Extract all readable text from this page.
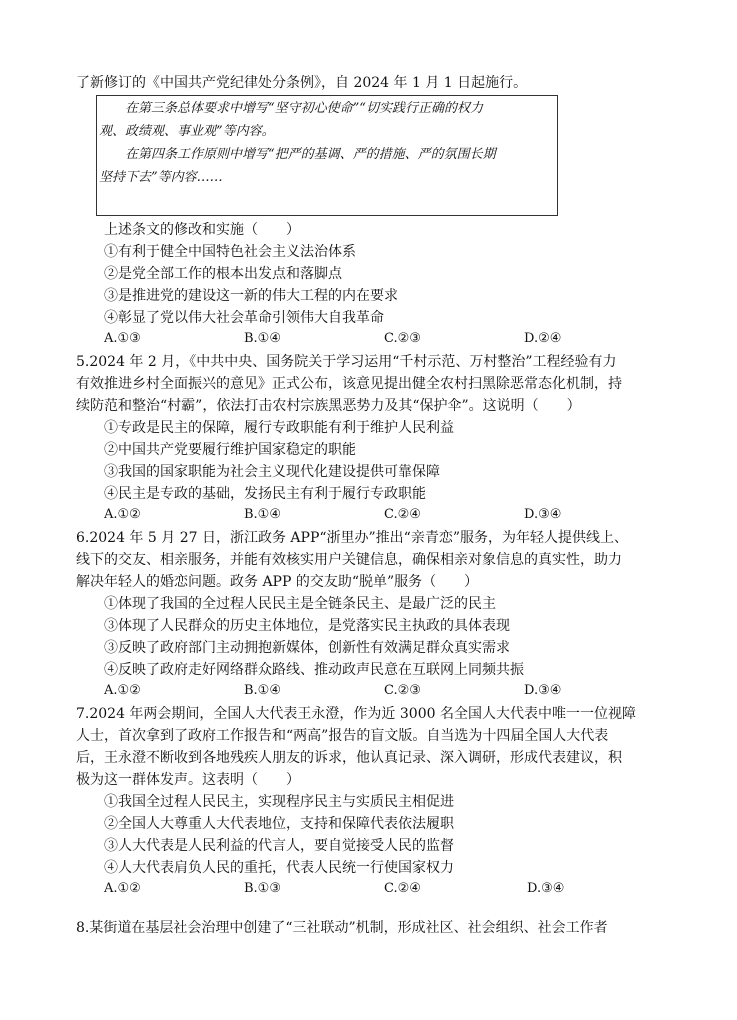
了新修订的《中国共产党纪律处分条例》，自 2024 年 1 月 1 日起施行。
在第三条总体要求中增写“坚守初心使命”“切实践行正确的权力
观、政绩观、事业观”等内容。
在第四条工作原则中增写“把严的基调、严的措施、严的氛围长期
坚持下去”等内容……
上述条文的修改和实施（　　）
①有利于健全中国特色社会主义法治体系
②是党全部工作的根本出发点和落脚点
③是推进党的建设这一新的伟大工程的内在要求
④彰显了党以伟大社会革命引领伟大自我革命
A.①③	B.①④	C.②③	D.②④
5.2024 年 2 月，《中共中央、国务院关于学习运用“千村示范、万村整治”工程经验有力
有效推进乡村全面振兴的意见》正式公布，该意见提出健全农村扫黑除恶常态化机制，持
续防范和整治“村霸”，依法打击农村宗族黑恶势力及其“保护伞”。这说明（　　）
①专政是民主的保障，履行专政职能有利于维护人民利益
②中国共产党要履行维护国家稳定的职能
③我国的国家职能为社会主义现代化建设提供可靠保障
④民主是专政的基础，发扬民主有利于履行专政职能
A.①②	B.①④	C.②④	D.③④
6.2024 年 5 月 27 日，浙江政务 APP“浙里办”推出“亲青恋”服务，为年轻人提供线上、
线下的交友、相亲服务，并能有效核实用户关键信息，确保相亲对象信息的真实性，助力
解决年轻人的婚恋问题。政务 APP 的交友助“脱单”服务（　　）
①体现了我国的全过程人民民主是全链条民主、是最广泛的民主
③体现了人民群众的历史主体地位，是党落实民主执政的具体表现
③反映了政府部门主动拥抱新媒体，创新性有效满足群众真实需求
④反映了政府走好网络群众路线、推动政声民意在互联网上同频共振
A.①②	B.①④	C.②③	D.③④
7.2024 年两会期间，全国人大代表王永澄，作为近 3000 名全国人大代表中唯一一位视障
人士，首次拿到了政府工作报告和“两高”报告的盲文版。自当选为十四届全国人大代表
后，王永澄不断收到各地残疾人朋友的诉求，他认真记录、深入调研，形成代表建议，积
极为这一群体发声。这表明（　　）
①我国全过程人民民主，实现程序民主与实质民主相促进
②全国人大尊重人大代表地位，支持和保障代表依法履职
③人大代表是人民利益的代言人，要自觉接受人民的监督
④人大代表肩负人民的重托，代表人民统一行使国家权力
A.①②	B.①③	C.②④	D.③④
8.某街道在基层社会治理中创建了“三社联动”机制，形成社区、社会组织、社会工作者
